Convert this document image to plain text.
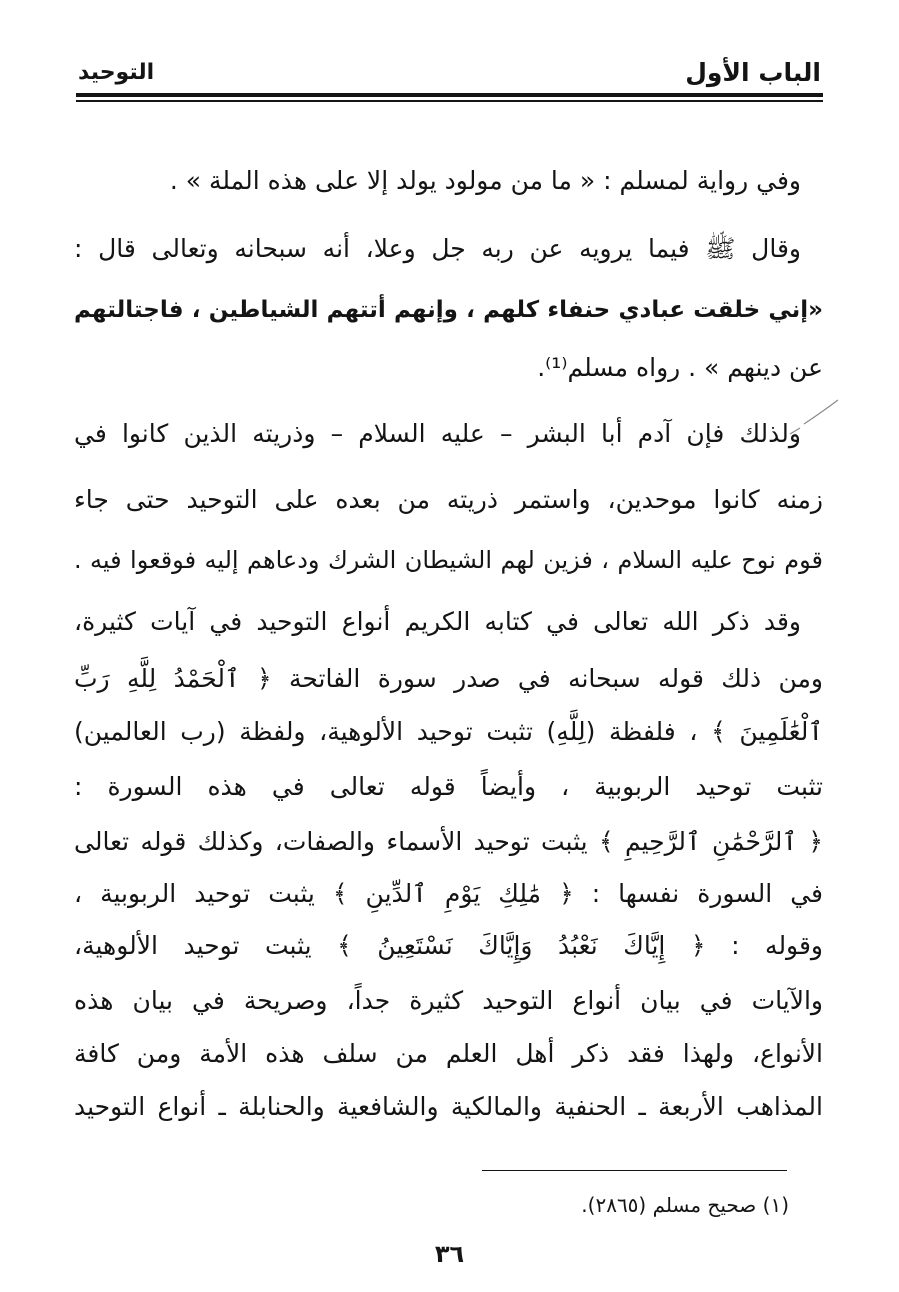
الباب الأول
التوحيد
وفي رواية لمسلم : « ما من مولود يولد إلا على هذه الملة » .
وقال ﷺ فيما يرويه عن ربه جل وعلا، أنه سبحانه وتعالى قال :
«إني خلقت عبادي حنفاء كلهم ، وإنهم أتتهم الشياطين ، فاجتالتهم
عن دينهم » . رواه مسلم⁽¹⁾.
ولذلك فإن آدم أبا البشر – عليه السلام – وذريته الذين كانوا في
زمنه كانوا موحدين، واستمر ذريته من بعده على التوحيد حتى جاء
قوم نوح عليه السلام ، فزين لهم الشيطان الشرك ودعاهم إليه فوقعوا فيه .
وقد ذكر الله تعالى في كتابه الكريم أنواع التوحيد في آيات كثيرة،
ومن ذلك قوله سبحانه في صدر سورة الفاتحة ﴿ ٱلْحَمْدُ لِلَّهِ رَبِّ
ٱلْعَٰلَمِينَ ﴾ ، فلفظة (لِلَّهِ) تثبت توحيد الألوهية، ولفظة (رب العالمين)
تثبت توحيد الربوبية ، وأيضاً قوله تعالى في هذه السورة :
﴿ ٱلرَّحْمَٰنِ ٱلرَّحِيمِ ﴾ يثبت توحيد الأسماء والصفات، وكذلك قوله تعالى
في السورة نفسها : ﴿ مَٰلِكِ يَوْمِ ٱلدِّينِ ﴾ يثبت توحيد الربوبية ،
وقوله : ﴿ إِيَّاكَ نَعْبُدُ وَإِيَّاكَ نَسْتَعِينُ ﴾ يثبت توحيد الألوهية،
والآيات في بيان أنواع التوحيد كثيرة جداً، وصريحة في بيان هذه
الأنواع، ولهذا فقد ذكر أهل العلم من سلف هذه الأمة ومن كافة
المذاهب الأربعة ـ الحنفية والمالكية والشافعية والحنابلة ـ أنواع التوحيد
(١) صحيح مسلم (٢٨٦٥).
٣٦
